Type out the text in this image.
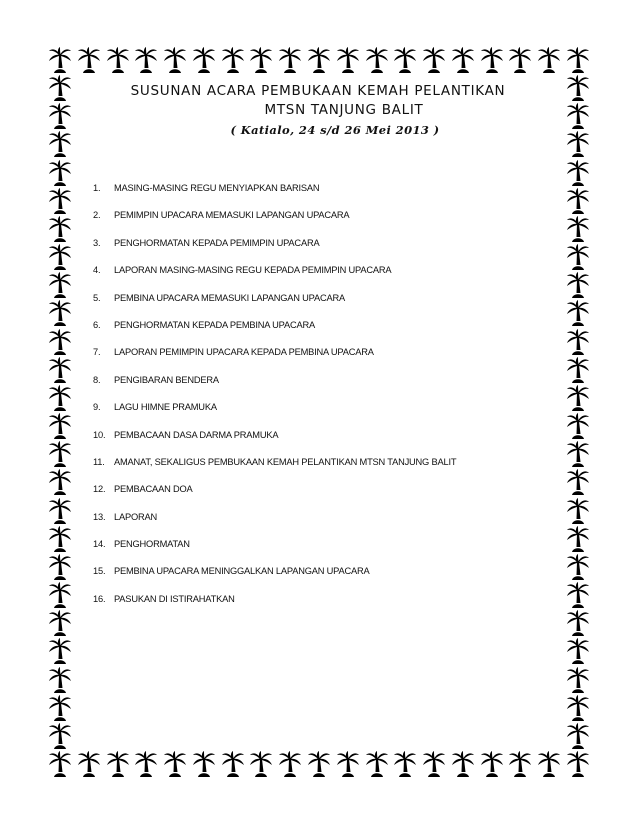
SUSUNAN ACARA PEMBUKAAN KEMAH PELANTIKAN
MTSN TANJUNG BALIT
( Katialo, 24 s/d 26 Mei 2013 )
1.	MASING-MASING REGU MENYIAPKAN BARISAN
2.	PEMIMPIN UPACARA MEMASUKI LAPANGAN UPACARA
3.	PENGHORMATAN KEPADA PEMIMPIN UPACARA
4.	LAPORAN MASING-MASING REGU KEPADA PEMIMPIN UPACARA
5.	PEMBINA UPACARA MEMASUKI LAPANGAN UPACARA
6.	PENGHORMATAN KEPADA PEMBINA UPACARA
7.	LAPORAN PEMIMPIN UPACARA KEPADA PEMBINA UPACARA
8.	PENGIBARAN BENDERA
9.	LAGU HIMNE PRAMUKA
10. PEMBACAAN DASA DARMA PRAMUKA
11.	AMANAT, SEKALIGUS PEMBUKAAN KEMAH PELANTIKAN MTSN TANJUNG BALIT
12. PEMBACAAN DOA
13. LAPORAN
14. PENGHORMATAN
15. PEMBINA UPACARA MENINGGALKAN LAPANGAN UPACARA
16. PASUKAN DI ISTIRAHATKAN
